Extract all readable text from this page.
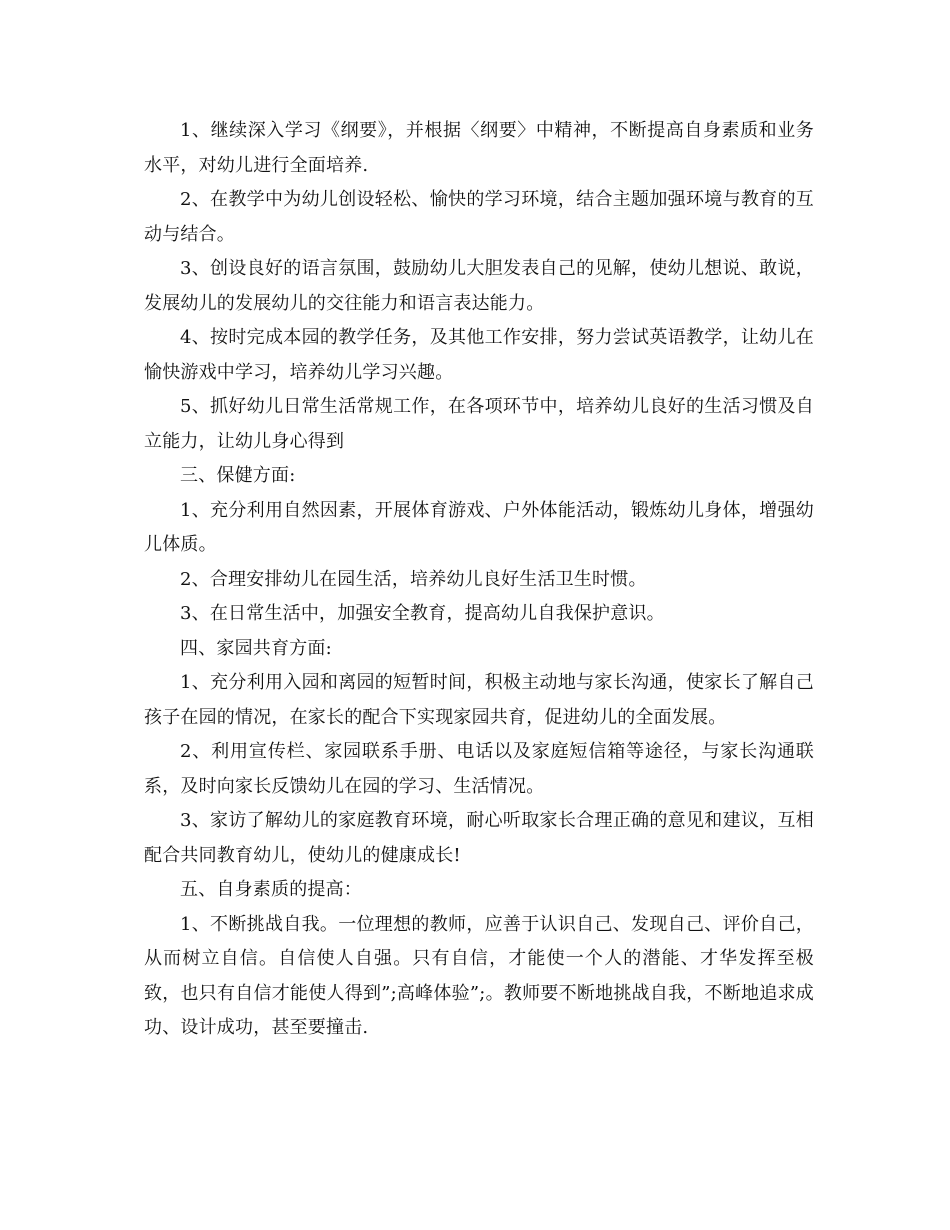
1、继续深入学习《纲要》，并根据〈纲要〉中精神，不断提高自身素质和业务水平，对幼儿进行全面培养.

2、在教学中为幼儿创设轻松、愉快的学习环境，结合主题加强环境与教育的互动与结合。

3、创设良好的语言氛围，鼓励幼儿大胆发表自己的见解，使幼儿想说、敢说，发展幼儿的发展幼儿的交往能力和语言表达能力。

4、按时完成本园的教学任务，及其他工作安排，努力尝试英语教学，让幼儿在愉快游戏中学习，培养幼儿学习兴趣。

5、抓好幼儿日常生活常规工作，在各项环节中，培养幼儿良好的生活习惯及自立能力，让幼儿身心得到

三、保健方面:

1、充分利用自然因素，开展体育游戏、户外体能活动，锻炼幼儿身体，增强幼儿体质。

2、合理安排幼儿在园生活，培养幼儿良好生活卫生时惯。

3、在日常生活中，加强安全教育，提高幼儿自我保护意识。

四、家园共育方面:

1、充分利用入园和离园的短暂时间，积极主动地与家长沟通，使家长了解自己孩子在园的情况，在家长的配合下实现家园共育，促进幼儿的全面发展。

2、利用宣传栏、家园联系手册、电话以及家庭短信箱等途径，与家长沟通联系，及时向家长反馈幼儿在园的学习、生活情况。

3、家访了解幼儿的家庭教育环境，耐心听取家长合理正确的意见和建议，互相配合共同教育幼儿，使幼儿的健康成长!

五、自身素质的提高：

1、不断挑战自我。一位理想的教师，应善于认识自己、发现自己、评价自己，从而树立自信。自信使人自强。只有自信，才能使一个人的潜能、才华发挥至极致，也只有自信才能使人得到”;高峰体验”;。教师要不断地挑战自我，不断地追求成功、设计成功，甚至要撞击.
